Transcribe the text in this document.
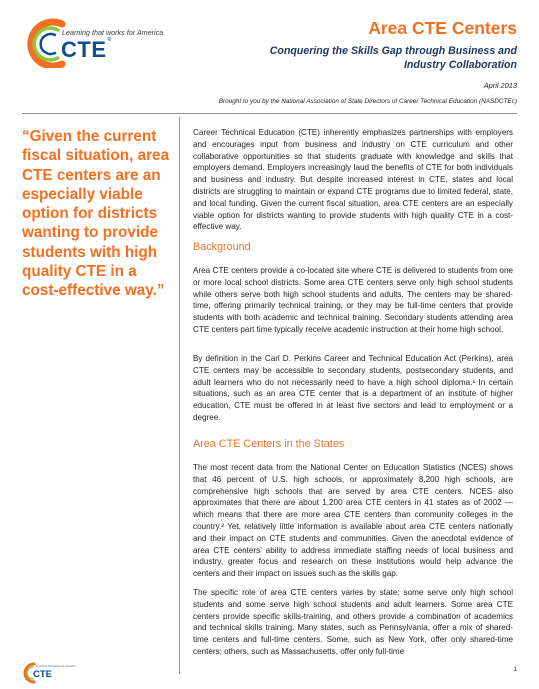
Learning that works for America
CTE®
Area CTE Centers
Conquering the Skills Gap through Business and Industry Collaboration
April 2013
Brought to you by the National Association of State Directors of Career Technical Education (NASDCTEc)
“Given the current fiscal situation, area CTE centers are an especially viable option for districts wanting to provide students with high quality CTE in a cost-effective way.”

Career Technical Education (CTE) inherently emphasizes partnerships with employers and encourages input from business and industry on CTE curriculum and other collaborative opportunities so that students graduate with knowledge and skills that employers demand. Employers increasingly laud the benefits of CTE for both individuals and business and industry. But despite increased interest in CTE, states and local districts are struggling to maintain or expand CTE programs due to limited federal, state, and local funding. Given the current fiscal situation, area CTE centers are an especially viable option for districts wanting to provide students with high quality CTE in a cost-effective way.

Background

Area CTE centers provide a co-located site where CTE is delivered to students from one or more local school districts. Some area CTE centers serve only high school students while others serve both high school students and adults. The centers may be shared-time, offering primarily technical training, or they may be full-time centers that provide students with both academic and technical training. Secondary students attending area CTE centers part time typically receive academic instruction at their home high school.

By definition in the Carl D. Perkins Career and Technical Education Act (Perkins), area CTE centers may be accessible to secondary students, postsecondary students, and adult learners who do not necessarily need to have a high school diploma.¹ In certain situations, such as an area CTE center that is a department of an institute of higher education, CTE must be offered in at least five sectors and lead to employment or a degree.

Area CTE Centers in the States

The most recent data from the National Center on Education Statistics (NCES) shows that 46 percent of U.S. high schools, or approximately 8,200 high schools, are comprehensive high schools that are served by area CTE centers. NCES also approximates that there are about 1,200 area CTE centers in 41 states as of 2002 — which means that there are more area CTE centers than community colleges in the country.² Yet, relatively little information is available about area CTE centers nationally and their impact on CTE students and communities. Given the anecdotal evidence of area CTE centers’ ability to address immediate staffing needs of local business and industry, greater focus and research on these institutions would help advance the centers and their impact on issues such as the skills gap.

The specific role of area CTE centers varies by state; some serve only high school students and some serve high school students and adult learners. Some area CTE centers provide specific skills-training, and others provide a combination of academics and technical skills training. Many states, such as Pennsylvania, offer a mix of shared-time centers and full-time centers. Some, such as New York, offer only shared-time centers; others, such as Massachusetts, offer only full-time

Learning that works for America
CTE	1
